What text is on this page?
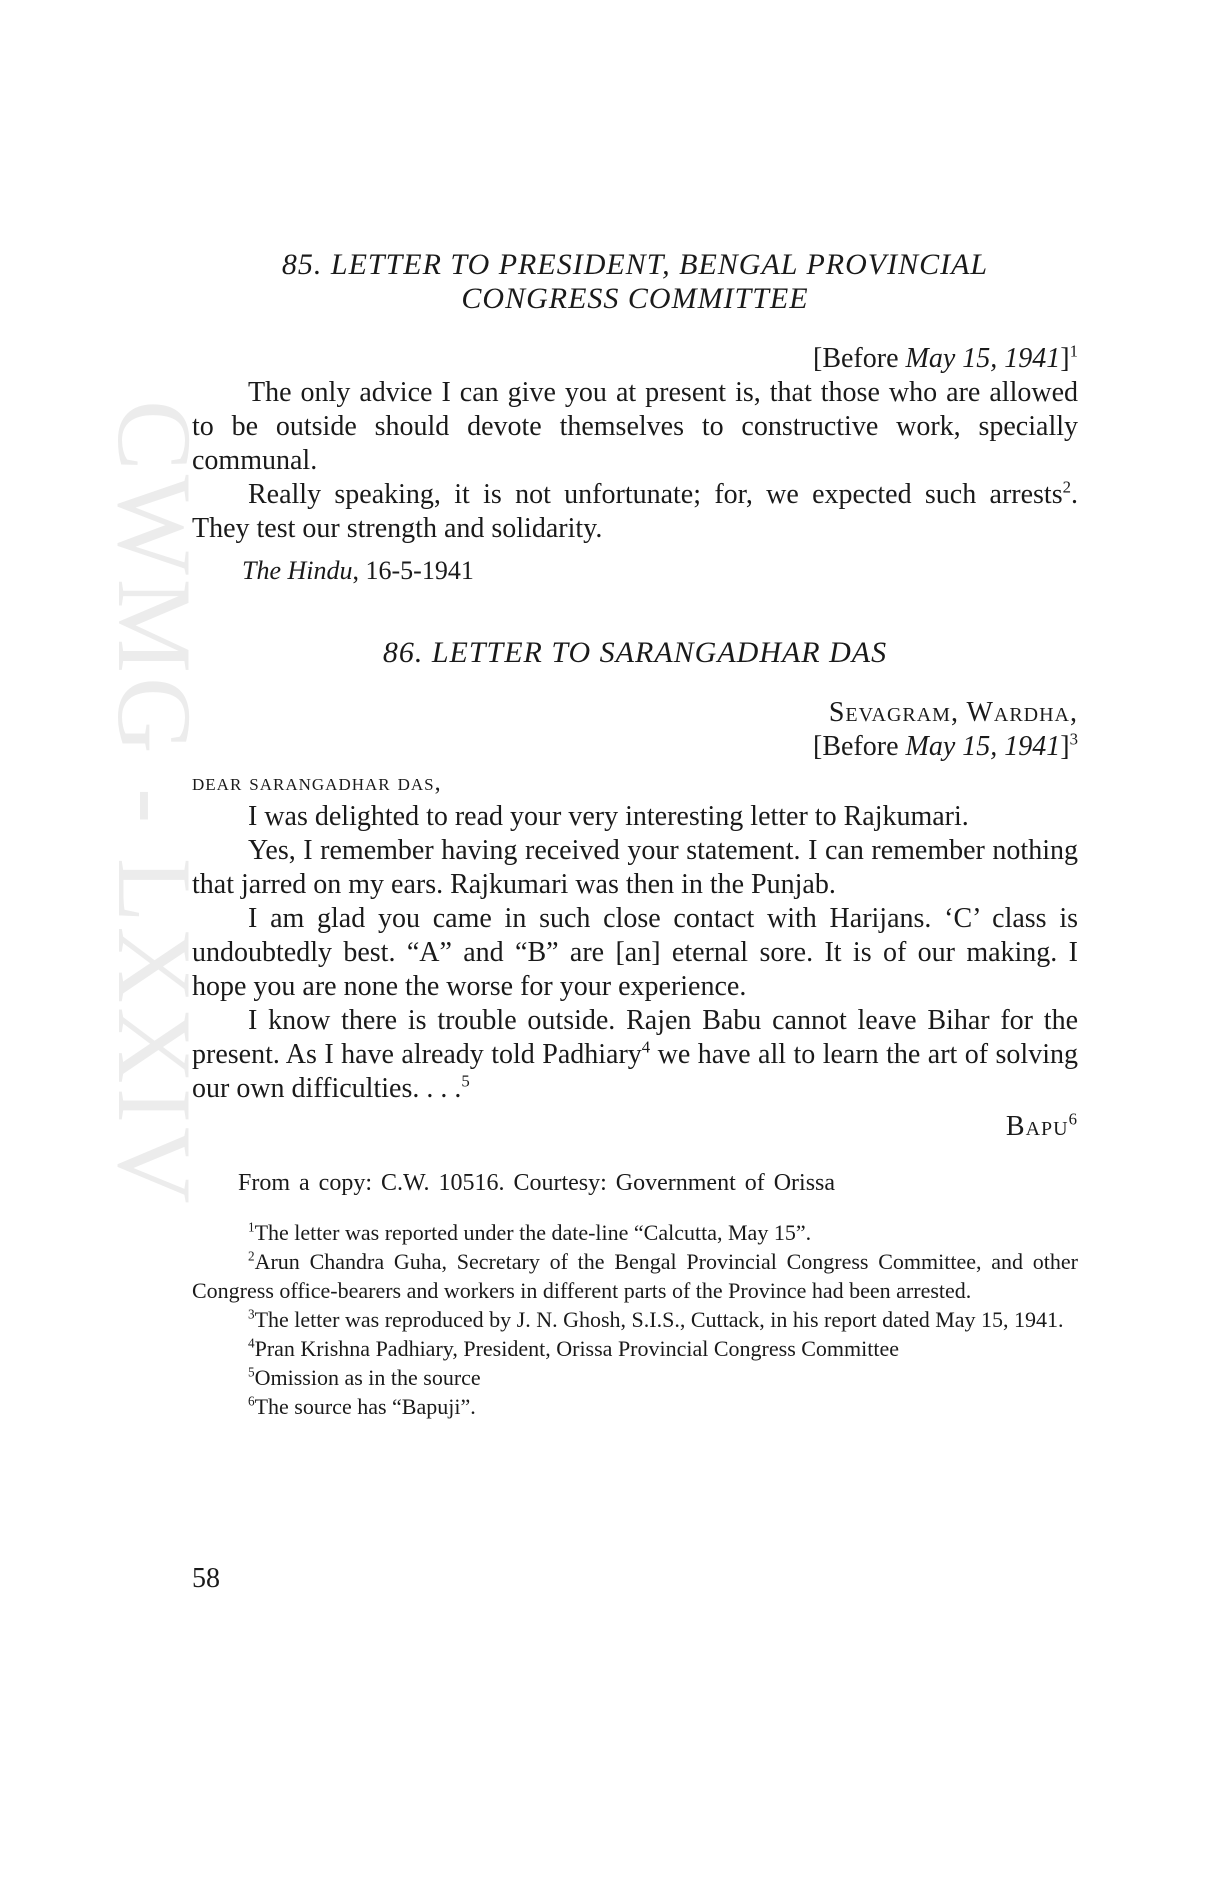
CWMG - LXXIV
85. LETTER TO PRESIDENT, BENGAL PROVINCIAL
CONGRESS COMMITTEE
[Before May 15, 1941]$^1$

The only advice I can give you at present is, that those who are allowed to be outside should devote themselves to constructive work, specially communal.

Really speaking, it is not unfortunate; for, we expected such arrests$^2$. They test our strength and solidarity.

The Hindu, 16-5-1941
86. LETTER TO SARANGADHAR DAS
Sevagram, Wardha,
[Before May 15, 1941]$^3$
dear sarangadhar das,

I was delighted to read your very interesting letter to Rajkumari.

Yes, I remember having received your statement. I can remember nothing that jarred on my ears. Rajkumari was then in the Punjab.

I am glad you came in such close contact with Harijans. ‘C’ class is undoubtedly best. “A” and “B” are [an] eternal sore. It is of our making. I hope you are none the worse for your experience.

I know there is trouble outside. Rajen Babu cannot leave Bihar for the present. As I have already told Padhiary$^4$ we have all to learn the art of solving our own difficulties. . . .$^5$

Bapu$^6$
From a copy: C.W. 10516. Courtesy: Government of Orissa

$^1$The letter was reported under the date-line “Calcutta, May 15”.

$^2$Arun Chandra Guha, Secretary of the Bengal Provincial Congress Committee, and other Congress office-bearers and workers in different parts of the Province had been arrested.

$^3$The letter was reproduced by J. N. Ghosh, S.I.S., Cuttack, in his report dated May 15, 1941.

$^4$Pran Krishna Padhiary, President, Orissa Provincial Congress Committee

$^5$Omission as in the source

$^6$The source has “Bapuji”.

58
